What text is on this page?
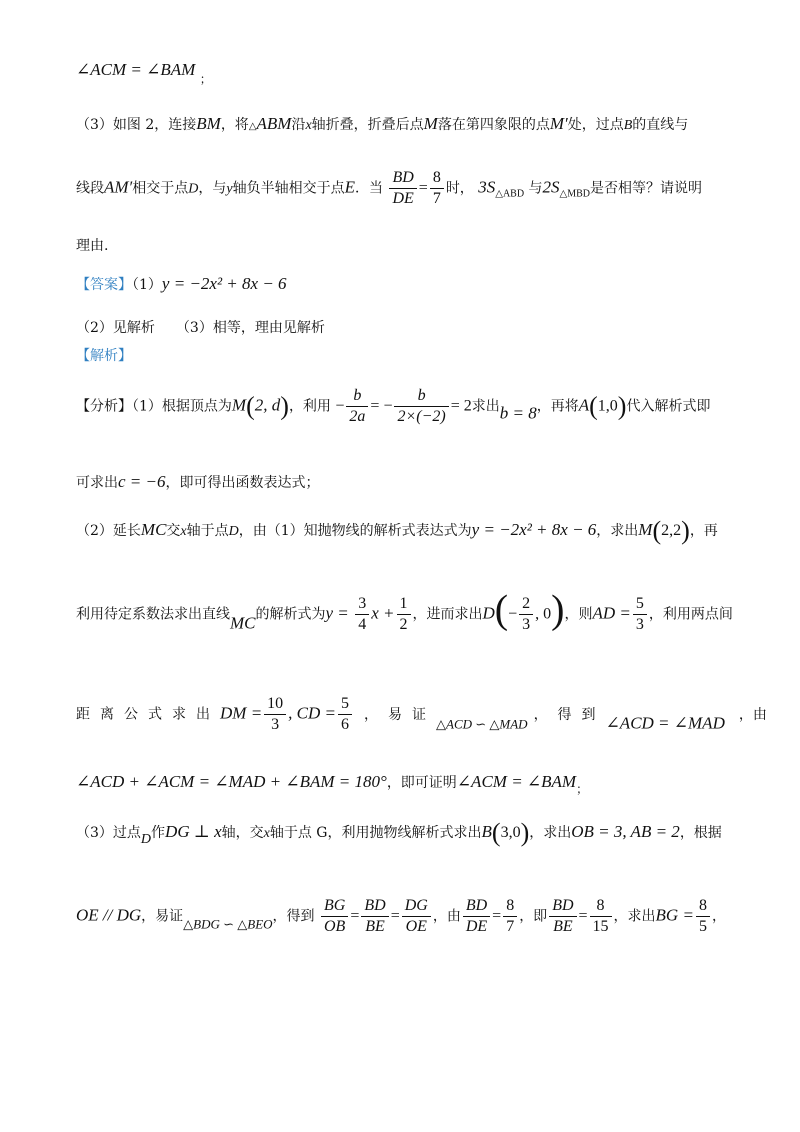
∠ACM = ∠BAM ；
（3）如图 2，连接BM，将△ABM沿x轴折叠，折叠后点M落在第四象限的点M′处，过点B的直线与
线段AM′相交于点D，与y轴负半轴相交于点E．当 $\frac{BD}{DE} = \frac{8}{7}$ 时， $3S_{\triangle ABD}$ 与$2S_{\triangle MBD}$是否相等？请说明
理由.
【答案】（1）y = −2x² + 8x − 6
（2）见解析　　（3）相等，理由见解析
【解析】
【分析】（1）根据顶点为M(2, d)，利用 − $\frac{b}{2a}$ = − $\frac{b}{2\times(-2)} = 2$求出b = 8，再将A(1,0)代入解析式即
可求出c = −6，即可得出函数表达式；
（2）延长MC交x轴于点D，由（1）知抛物线的解析式表达式为y = −2x² + 8x − 6，求出M(2,2)，再
利用待定系数法求出直线MC的解析式为$y = \frac{3}{4}$ $x + \frac{1}{2}$ ，进而求出$D(- \frac{2}{3}$ , 0)，则AD = $\frac{5}{3}$ ，利用两点间
距离公式求出DM = $\frac{10}{3}$ , CD = $\frac{5}{6}$ ，易证△ACD ∽ △MAD，得到∠ACD = ∠MAD ，由
∠ACD + ∠ACM = ∠MAD + ∠BAM = 180°，即可证明∠ACM = ∠BAM；
（3）过点D作DG ⊥ x轴，交x轴于点 G，利用抛物线解析式求出B(3,0)，求出OB = 3, AB = 2，根据
OE // DG，易证△BDG ∽ △BEO，得到 $\frac{BG}{OB} = \frac{BD}{BE} = \frac{DG}{OE}$ ，由 $\frac{BD}{DE} = \frac{8}{7}$ ，即 $\frac{BD}{BE} = \frac{8}{15}$ ，求出BG = $\frac{8}{5}$ ，
